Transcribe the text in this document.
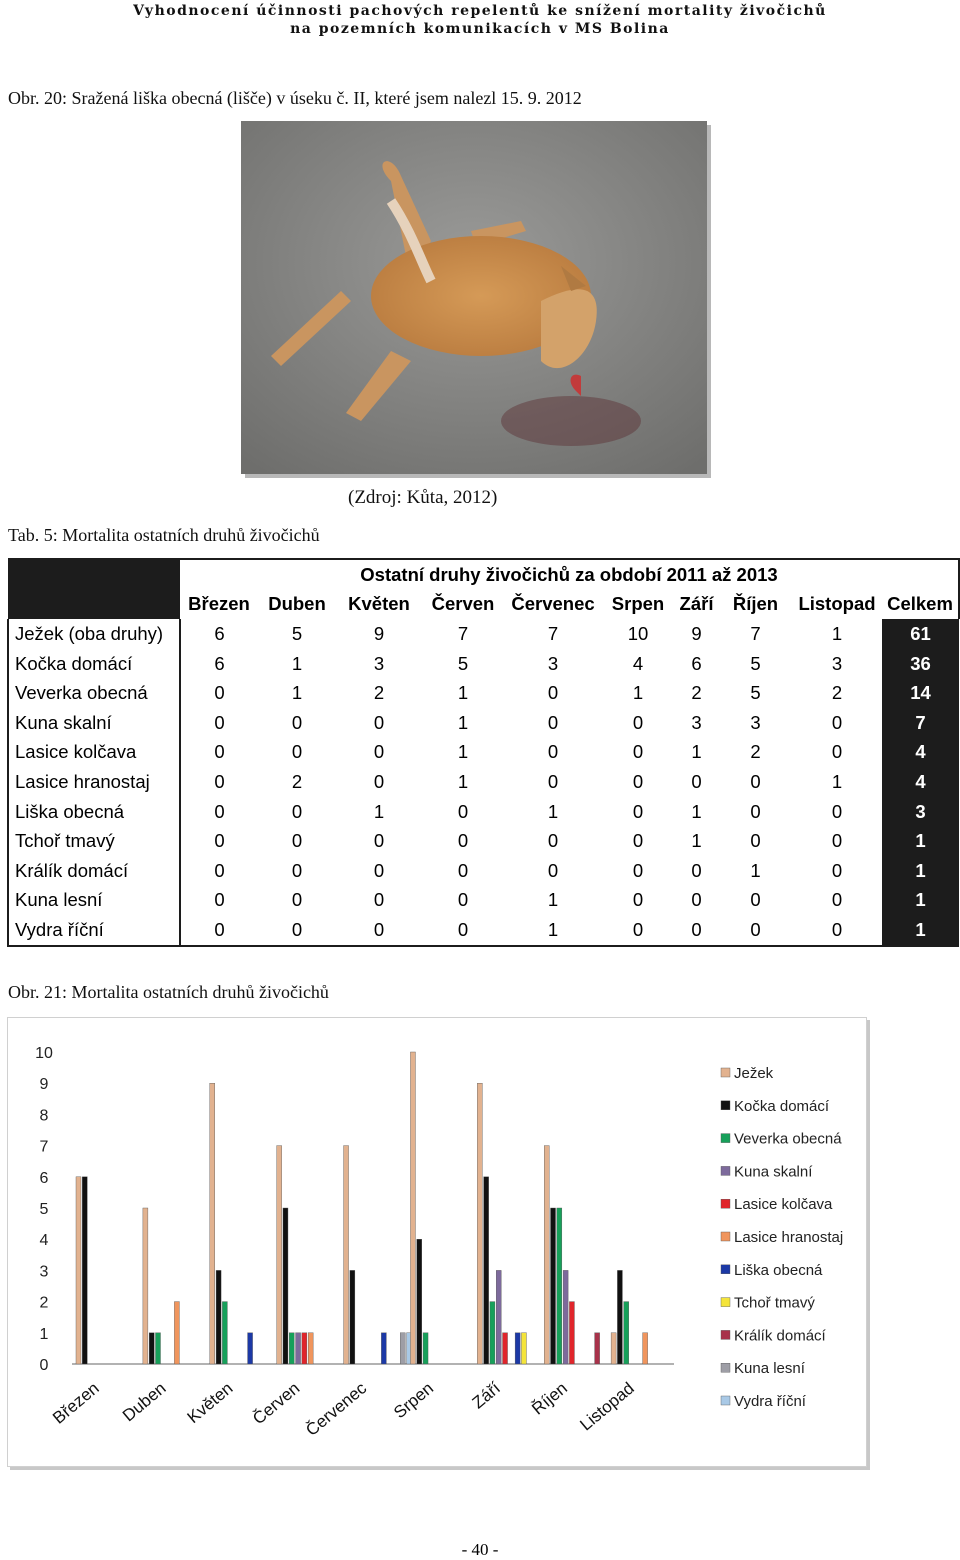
Vyhodnocení účinnosti pachových repelentů ke snížení mortality živočichů
na pozemních komunikacích v MS Bolina
Obr. 20: Sražená liška obecná (lišče) v úseku č. II, které jsem nalezl 15. 9. 2012
(Zdroj: Kůta, 2012)
Tab. 5: Mortalita ostatních druhů živočichů
	Ostatní druhy živočichů za období 2011 až 2013									
	Březen	Duben	Květen	Červen	Červenec	Srpen	Září	Říjen	Listopad	Celkem
Ježek (oba druhy)	6	5	9	7	7	10	9	7	1	61
Kočka domácí	6	1	3	5	3	4	6	5	3	36
Veverka obecná	0	1	2	1	0	1	2	5	2	14
Kuna skalní	0	0	0	1	0	0	3	3	0	7
Lasice kolčava	0	0	0	1	0	0	1	2	0	4
Lasice hranostaj	0	2	0	1	0	0	0	0	1	4
Liška obecná	0	0	1	0	1	0	1	0	0	3
Tchoř tmavý	0	0	0	0	0	0	1	0	0	1
Králík domácí	0	0	0	0	0	0	0	1	0	1
Kuna lesní	0	0	0	0	1	0	0	0	0	1
Vydra říční	0	0	0	0	1	0	0	0	0	1
Obr. 21: Mortalita ostatních druhů živočichů
0
1
2
3
4
5
6
7
8
9
10
Březen Duben Květen Červen
Červenec Srpen Září Říjen Listopad
Ježek
Kočka domácí
Veverka obecná
Kuna skalní
Lasice kolčava
Lasice hranostaj
Liška obecná
Tchoř tmavý
Králík domácí
Kuna lesní
Vydra říční
- 40 -
